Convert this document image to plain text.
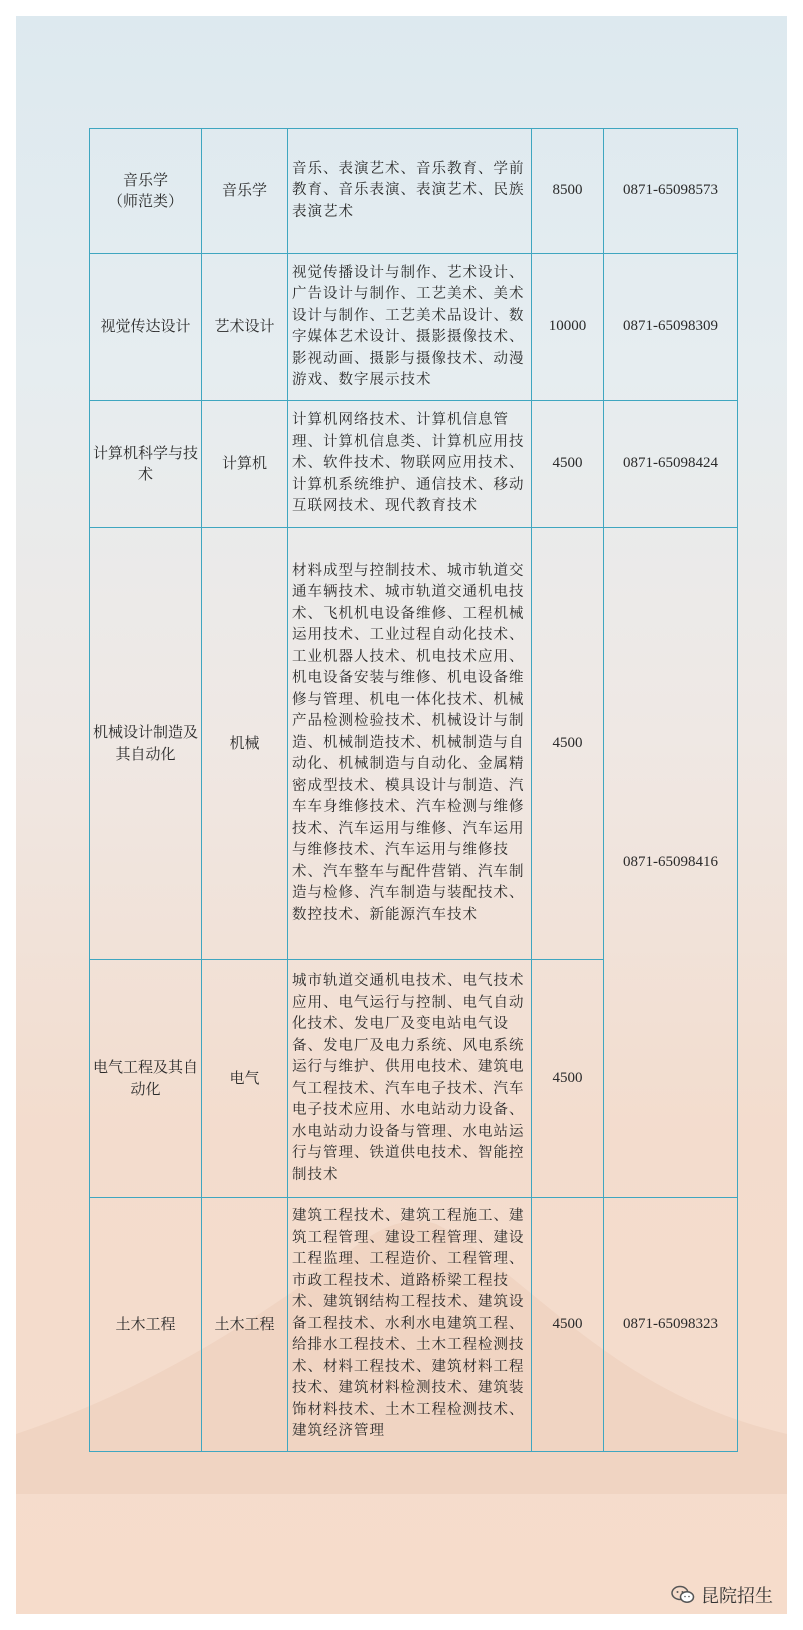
音乐学
（师范类）	音乐学	音乐、表演艺术、音乐教育、学前教育、音乐表演、表演艺术、民族表演艺术	8500	0871-65098573
视觉传达设计	艺术设计	视觉传播设计与制作、艺术设计、广告设计与制作、工艺美术、美术设计与制作、工艺美术品设计、数字媒体艺术设计、摄影摄像技术、影视动画、摄影与摄像技术、动漫游戏、数字展示技术	10000	0871-65098309
计算机科学与技术	计算机	计算机网络技术、计算机信息管理、计算机信息类、计算机应用技术、软件技术、物联网应用技术、计算机系统维护、通信技术、移动互联网技术、现代教育技术	4500	0871-65098424
机械设计制造及其自动化	机械	材料成型与控制技术、城市轨道交通车辆技术、城市轨道交通机电技术、飞机机电设备维修、工程机械运用技术、工业过程自动化技术、工业机器人技术、机电技术应用、机电设备安装与维修、机电设备维修与管理、机电一体化技术、机械产品检测检验技术、机械设计与制造、机械制造技术、机械制造与自动化、机械制造与自动化、金属精密成型技术、模具设计与制造、汽车车身维修技术、汽车检测与维修技术、汽车运用与维修、汽车运用与维修技术、汽车运用与维修技术、汽车整车与配件营销、汽车制造与检修、汽车制造与装配技术、数控技术、新能源汽车技术	4500	0871-65098416
电气工程及其自动化	电气	城市轨道交通机电技术、电气技术应用、电气运行与控制、电气自动化技术、发电厂及变电站电气设备、发电厂及电力系统、风电系统运行与维护、供用电技术、建筑电气工程技术、汽车电子技术、汽车电子技术应用、水电站动力设备、水电站动力设备与管理、水电站运行与管理、铁道供电技术、智能控制技术	4500	
土木工程	土木工程	建筑工程技术、建筑工程施工、建筑工程管理、建设工程管理、建设工程监理、工程造价、工程管理、市政工程技术、道路桥梁工程技术、建筑钢结构工程技术、建筑设备工程技术、水利水电建筑工程、给排水工程技术、土木工程检测技术、材料工程技术、建筑材料工程技术、建筑材料检测技术、建筑装饰材料技术、土木工程检测技术、建筑经济管理	4500	0871-65098323
昆院招生
